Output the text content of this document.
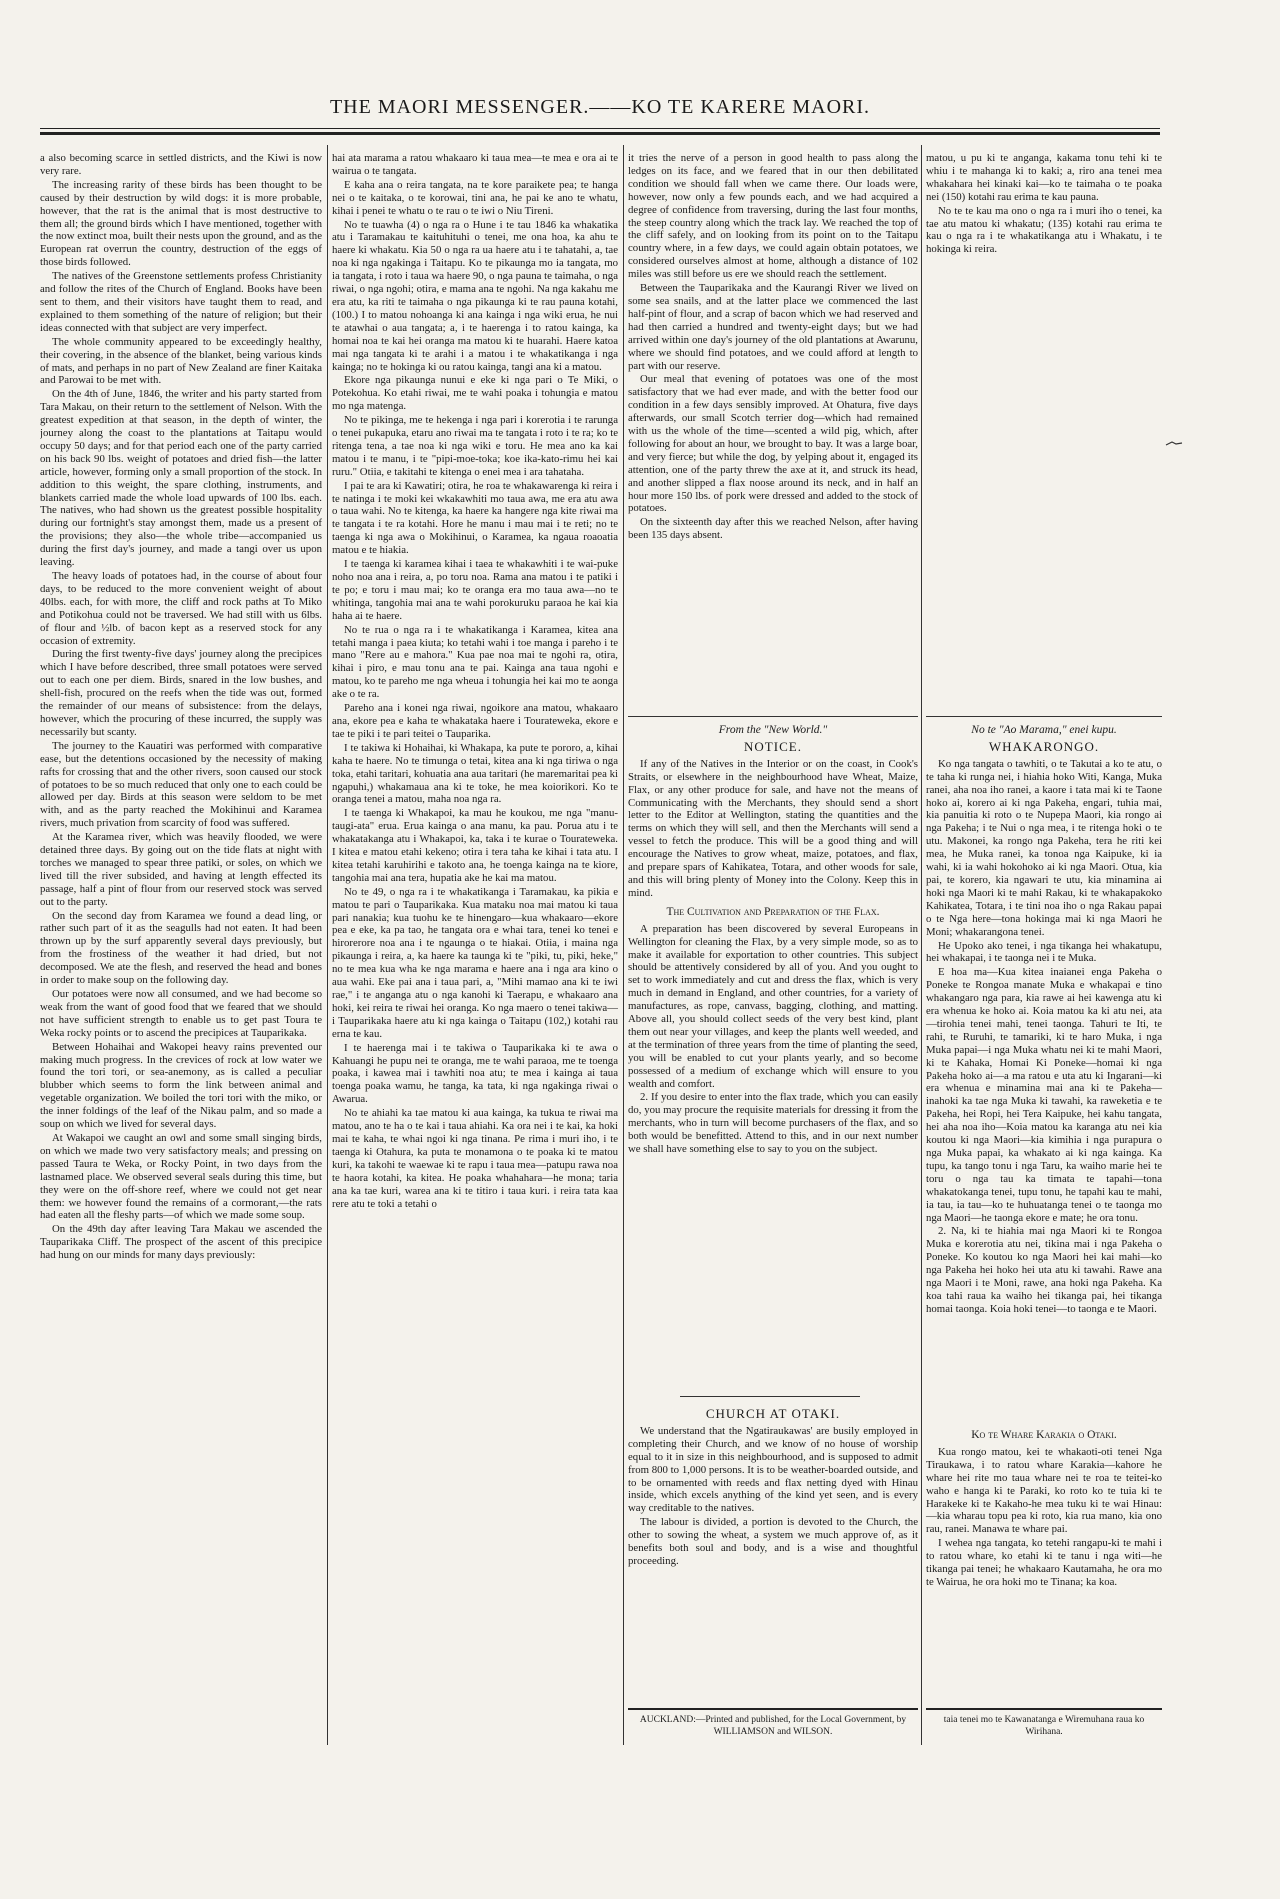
THE MAORI MESSENGER.——KO TE KARERE MAORI.

a also becoming scarce in settled districts, and the Kiwi is now very rare.

The increasing rarity of these birds has been thought to be caused by their destruction by wild dogs: it is more probable, however, that the rat is the animal that is most destructive to them all; the ground birds which I have mentioned, together with the now extinct moa, built their nests upon the ground, and as the European rat overrun the country, destruction of the eggs of those birds followed.

The natives of the Greenstone settlements profess Christianity and follow the rites of the Church of England. Books have been sent to them, and their visitors have taught them to read, and explained to them something of the nature of religion; but their ideas connected with that subject are very imperfect.

The whole community appeared to be exceedingly healthy, their covering, in the absence of the blanket, being various kinds of mats, and perhaps in no part of New Zealand are finer Kaitaka and Parowai to be met with.

On the 4th of June, 1846, the writer and his party started from Tara Makau, on their return to the settlement of Nelson. With the greatest expedition at that season, in the depth of winter, the journey along the coast to the plantations at Taitapu would occupy 50 days; and for that period each one of the party carried on his back 90 lbs. weight of potatoes and dried fish—the latter article, however, forming only a small proportion of the stock. In addition to this weight, the spare clothing, instruments, and blankets carried made the whole load upwards of 100 lbs. each. The natives, who had shown us the greatest possible hospitality during our fortnight's stay amongst them, made us a present of the provisions; they also—the whole tribe—accompanied us during the first day's journey, and made a tangi over us upon leaving.

The heavy loads of potatoes had, in the course of about four days, to be reduced to the more convenient weight of about 40lbs. each, for with more, the cliff and rock paths at To Miko and Potikohua could not be traversed. We had still with us 6lbs. of flour and ½lb. of bacon kept as a reserved stock for any occasion of extremity.

During the first twenty-five days' journey along the precipices which I have before described, three small potatoes were served out to each one per diem. Birds, snared in the low bushes, and shell-fish, procured on the reefs when the tide was out, formed the remainder of our means of subsistence: from the delays, however, which the procuring of these incurred, the supply was necessarily but scanty.

The journey to the Kauatiri was performed with comparative ease, but the detentions occasioned by the necessity of making rafts for crossing that and the other rivers, soon caused our stock of potatoes to be so much reduced that only one to each could be allowed per day. Birds at this season were seldom to be met with, and as the party reached the Mokihinui and Karamea rivers, much privation from scarcity of food was suffered.

At the Karamea river, which was heavily flooded, we were detained three days. By going out on the tide flats at night with torches we managed to spear three patiki, or soles, on which we lived till the river subsided, and having at length effected its passage, half a pint of flour from our reserved stock was served out to the party.

On the second day from Karamea we found a dead ling, or rather such part of it as the seagulls had not eaten. It had been thrown up by the surf apparently several days previously, but from the frostiness of the weather it had dried, but not decomposed. We ate the flesh, and reserved the head and bones in order to make soup on the following day.

Our potatoes were now all consumed, and we had become so weak from the want of good food that we feared that we should not have sufficient strength to enable us to get past Toura te Weka rocky points or to ascend the precipices at Tauparikaka.

Between Hohaihai and Wakopei heavy rains prevented our making much progress. In the crevices of rock at low water we found the tori tori, or sea-anemony, as is called a peculiar blubber which seems to form the link between animal and vegetable organization. We boiled the tori tori with the miko, or the inner foldings of the leaf of the Nikau palm, and so made a soup on which we lived for several days.

At Wakapoi we caught an owl and some small singing birds, on which we made two very satisfactory meals; and pressing on passed Taura te Weka, or Rocky Point, in two days from the lastnamed place. We observed several seals during this time, but they were on the off-shore reef, where we could not get near them: we however found the remains of a cormorant,—the rats had eaten all the fleshy parts—of which we made some soup.

On the 49th day after leaving Tara Makau we ascended the Tauparikaka Cliff. The prospect of the ascent of this precipice had hung on our minds for many days previously:

hai ata marama a ratou whakaaro ki taua mea—te mea e ora ai te wairua o te tangata.

E kaha ana o reira tangata, na te kore paraikete pea; te hanga nei o te kaitaka, o te korowai, tini ana, he pai ke ano te whatu, kihai i penei te whatu o te rau o te iwi o Niu Tireni.

No te tuawha (4) o nga ra o Hune i te tau 1846 ka whakatika atu i Taramakau te kaituhituhi o tenei, me ona hoa, ka ahu te haere ki whakatu. Kia 50 o nga ra ua haere atu i te tahatahi, a, tae noa ki nga ngakinga i Taitapu. Ko te pikaunga mo ia tangata, mo ia tangata, i roto i taua wa haere 90, o nga pauna te taimaha, o nga riwai, o nga ngohi; otira, e mama ana te ngohi. Na nga kakahu me era atu, ka riti te taimaha o nga pikaunga ki te rau pauna kotahi, (100.) I to matou nohoanga ki ana kainga i nga wiki erua, he nui te atawhai o aua tangata; a, i te haerenga i to ratou kainga, ka homai noa te kai hei oranga ma matou ki te huarahi. Haere katoa mai nga tangata ki te arahi i a matou i te whakatikanga i nga kainga; no te hokinga ki ou ratou kainga, tangi ana ki a matou.

Ekore nga pikaunga nunui e eke ki nga pari o Te Miki, o Potekohua. Ko etahi riwai, me te wahi poaka i tohungia e matou mo nga matenga.

No te pikinga, me te hekenga i nga pari i korerotia i te rarunga o tenei pukapuka, etaru ano riwai ma te tangata i roto i te ra; ko te ritenga tena, a tae noa ki nga wiki e toru. He mea ano ka kai matou i te manu, i te "pipi-moe-toka; koe ika-kato-rimu hei kai ruru." Otiia, e takitahi te kitenga o enei mea i ara tahataha.

I pai te ara ki Kawatiri; otira, he roa te whakawarenga ki reira i te natinga i te moki kei wkakawhiti mo taua awa, me era atu awa o taua wahi. No te kitenga, ka haere ka hangere nga kite riwai ma te tangata i te ra kotahi. Hore he manu i mau mai i te reti; no te taenga ki nga awa o Mokihinui, o Karamea, ka ngaua roaoatia matou e te hiakia.

I te taenga ki karamea kihai i taea te whakawhiti i te wai-puke noho noa ana i reira, a, po toru noa. Rama ana matou i te patiki i te po; e toru i mau mai; ko te oranga era mo taua awa—no te whitinga, tangohia mai ana te wahi porokuruku paraoa he kai kia haha ai te haere.

No te rua o nga ra i te whakatikanga i Karamea, kitea ana tetahi manga i paea kiuta; ko tetahi wahi i toe manga i pareho i te mano "Rere au e mahora." Kua pae noa mai te ngohi ra, otira, kihai i piro, e mau tonu ana te pai. Kainga ana taua ngohi e matou, ko te pareho me nga wheua i tohungia hei kai mo te aonga ake o te ra.

Pareho ana i konei nga riwai, ngoikore ana matou, whakaaro ana, ekore pea e kaha te whakataka haere i Tourateweka, ekore e tae te piki i te pari teitei o Tauparika.

I te takiwa ki Hohaihai, ki Whakapa, ka pute te pororo, a, kihai kaha te haere. No te timunga o tetai, kitea ana ki nga tiriwa o nga toka, etahi taritari, kohuatia ana aua taritari (he maremaritai pea ki ngapuhi,) whakamaua ana ki te toke, he mea koiorikori. Ko te oranga tenei a matou, maha noa nga ra.

I te taenga ki Whakapoi, ka mau he koukou, me nga "manu-taugi-ata" erua. Erua kainga o ana manu, ka pau. Porua atu i te whakatakanga atu i Whakapoi, ka, taka i te kurae o Tourateweka. I kitea e matou etahi kekeno; otira i tera taha ke kihai i tata atu. I kitea tetahi karuhirihi e takoto ana, he toenga kainga na te kiore, tangohia mai ana tera, hupatia ake he kai ma matou.

No te 49, o nga ra i te whakatikanga i Taramakau, ka pikia e matou te pari o Tauparikaka. Kua mataku noa mai matou ki taua pari nanakia; kua tuohu ke te hinengaro—kua whakaaro—ekore pea e eke, ka pa tao, he tangata ora e whai tara, tenei ko tenei e hirorerore noa ana i te ngaunga o te hiakai. Otiia, i maina nga pikaunga i reira, a, ka haere ka taunga ki te "piki, tu, piki, heke," no te mea kua wha ke nga marama e haere ana i nga ara kino o aua wahi. Eke pai ana i taua pari, a, "Mihi mamao ana ki te iwi rae," i te anganga atu o nga kanohi ki Taerapu, e whakaaro ana hoki, kei reira te riwai hei oranga. Ko nga maero o tenei takiwa—i Tauparikaka haere atu ki nga kainga o Taitapu (102,) kotahi rau erna te kau.

I te haerenga mai i te takiwa o Tauparikaka ki te awa o Kahuangi he pupu nei te oranga, me te wahi paraoa, me te toenga poaka, i kawea mai i tawhiti noa atu; te mea i kainga ai taua toenga poaka wamu, he tanga, ka tata, ki nga ngakinga riwai o Awarua.

No te ahiahi ka tae matou ki aua kainga, ka tukua te riwai ma matou, ano te ha o te kai i taua ahiahi. Ka ora nei i te kai, ka hoki mai te kaha, te whai ngoi ki nga tinana. Pe rima i muri iho, i te taenga ki Otahura, ka puta te monamona o te poaka ki te matou kuri, ka takohi te waewae ki te rapu i taua mea—patupu rawa noa te haora kotahi, ka kitea. He poaka whahahara—he mona; taria ana ka tae kuri, warea ana ki te titiro i taua kuri. i reira tata kaa rere atu te toki a tetahi o

it tries the nerve of a person in good health to pass along the ledges on its face, and we feared that in our then debilitated condition we should fall when we came there. Our loads were, however, now only a few pounds each, and we had acquired a degree of confidence from traversing, during the last four months, the steep country along which the track lay. We reached the top of the cliff safely, and on looking from its point on to the Taitapu country where, in a few days, we could again obtain potatoes, we considered ourselves almost at home, although a distance of 102 miles was still before us ere we should reach the settlement.

Between the Tauparikaka and the Kaurangi River we lived on some sea snails, and at the latter place we commenced the last half-pint of flour, and a scrap of bacon which we had reserved and had then carried a hundred and twenty-eight days; but we had arrived within one day's journey of the old plantations at Awarunu, where we should find potatoes, and we could afford at length to part with our reserve.

Our meal that evening of potatoes was one of the most satisfactory that we had ever made, and with the better food our condition in a few days sensibly improved. At Ohatura, five days afterwards, our small Scotch terrier dog—which had remained with us the whole of the time—scented a wild pig, which, after following for about an hour, we brought to bay. It was a large boar, and very fierce; but while the dog, by yelping about it, engaged its attention, one of the party threw the axe at it, and struck its head, and another slipped a flax noose around its neck, and in half an hour more 150 lbs. of pork were dressed and added to the stock of potatoes.

On the sixteenth day after this we reached Nelson, after having been 135 days absent.

matou, u pu ki te anganga, kakama tonu tehi ki te whiu i te mahanga ki to kaki; a, riro ana tenei mea whakahara hei kinaki kai—ko te taimaha o te poaka nei (150) kotahi rau erima te kau pauna.

No te te kau ma ono o nga ra i muri iho o tenei, ka tae atu matou ki whakatu; (135) kotahi rau erima te kau o nga ra i te whakatikanga atu i Whakatu, i te hokinga ki reira.

From the "New World."
NOTICE.

If any of the Natives in the Interior or on the coast, in Cook's Straits, or elsewhere in the neighbourhood have Wheat, Maize, Flax, or any other produce for sale, and have not the means of Communicating with the Merchants, they should send a short letter to the Editor at Wellington, stating the quantities and the terms on which they will sell, and then the Merchants will send a vessel to fetch the produce. This will be a good thing and will encourage the Natives to grow wheat, maize, potatoes, and flax, and prepare spars of Kahikatea, Totara, and other woods for sale, and this will bring plenty of Money into the Colony. Keep this in mind.

The Cultivation and Preparation of the Flax.

A preparation has been discovered by several Europeans in Wellington for cleaning the Flax, by a very simple mode, so as to make it available for exportation to other countries. This subject should be attentively considered by all of you. And you ought to set to work immediately and cut and dress the flax, which is very much in demand in England, and other countries, for a variety of manufactures, as rope, canvass, bagging, clothing, and matting. Above all, you should collect seeds of the very best kind, plant them out near your villages, and keep the plants well weeded, and at the termination of three years from the time of planting the seed, you will be enabled to cut your plants yearly, and so become possessed of a medium of exchange which will ensure to you wealth and comfort.

2. If you desire to enter into the flax trade, which you can easily do, you may procure the requisite materials for dressing it from the merchants, who in turn will become purchasers of the flax, and so both would be benefitted. Attend to this, and in our next number we shall have something else to say to you on the subject.

No te "Ao Marama," enei kupu.
WHAKARONGO.

Ko nga tangata o tawhiti, o te Takutai a ko te atu, o te taha ki runga nei, i hiahia hoko Witi, Kanga, Muka ranei, aha noa iho ranei, a kaore i tata mai ki te Taone hoko ai, korero ai ki nga Pakeha, engari, tuhia mai, kia panuitia ki roto o te Nupepa Maori, kia rongo ai nga Pakeha; i te Nui o nga mea, i te ritenga hoki o te utu. Makonei, ka rongo nga Pakeha, tera he riti kei mea, he Muka ranei, ka tonoa nga Kaipuke, ki ia wahi, ki ia wahi hokohoko ai ki nga Maori. Otua, kia pai, te korero, kia ngawari te utu, kia minamina ai hoki nga Maori ki te mahi Rakau, ki te whakapakoko Kahikatea, Totara, i te tini noa iho o nga Rakau papai o te Nga here—tona hokinga mai ki nga Maori he Moni; whakarangona tenei.

He Upoko ako tenei, i nga tikanga hei whakatupu, hei whakapai, i te taonga nei i te Muka.

E hoa ma—Kua kitea inaianei enga Pakeha o Poneke te Rongoa manate Muka e whakapai e tino whakangaro nga para, kia rawe ai hei kawenga atu ki era whenua ke hoko ai. Koia matou ka ki atu nei, ata—tirohia tenei mahi, tenei taonga. Tahuri te Iti, te rahi, te Ruruhi, te tamariki, ki te haro Muka, i nga Muka papai—i nga Muka whatu nei ki te mahi Maori, ki te Kahaka, Homai Ki Poneke—homai ki nga Pakeha hoko ai—a ma ratou e uta atu ki Ingarani—ki era whenua e minamina mai ana ki te Pakeha—inahoki ka tae nga Muka ki tawahi, ka raweketia e te Pakeha, hei Ropi, hei Tera Kaipuke, hei kahu tangata, hei aha noa iho—Koia matou ka karanga atu nei kia koutou ki nga Maori—kia kimihia i nga purapura o nga Muka papai, ka whakato ai ki nga kainga. Ka tupu, ka tango tonu i nga Taru, ka waiho marie hei te toru o nga tau ka timata te tapahi—tona whakatokanga tenei, tupu tonu, he tapahi kau te mahi, ia tau, ia tau—ko te huhuatanga tenei o te taonga mo nga Maori—he taonga ekore e mate; he ora tonu.

2. Na, ki te hiahia mai nga Maori ki te Rongoa Muka e korerotia atu nei, tikina mai i nga Pakeha o Poneke. Ko koutou ko nga Maori hei kai mahi—ko nga Pakeha hei hoko hei uta atu ki tawahi. Rawe ana nga Maori i te Moni, rawe, ana hoki nga Pakeha. Ka koa tahi raua ka waiho hei tikanga pai, hei tikanga homai taonga. Koia hoki tenei—to taonga e te Maori.

CHURCH AT OTAKI.

We understand that the Ngatiraukawas' are busily employed in completing their Church, and we know of no house of worship equal to it in size in this neighbourhood, and is supposed to admit from 800 to 1,000 persons. It is to be weather-boarded outside, and to be ornamented with reeds and flax netting dyed with Hinau inside, which excels anything of the kind yet seen, and is every way creditable to the natives.

The labour is divided, a portion is devoted to the Church, the other to sowing the wheat, a system we much approve of, as it benefits both soul and body, and is a wise and thoughtful proceeding.

Ko te Whare Karakia o Otaki.

Kua rongo matou, kei te whakaoti-oti tenei Nga Tiraukawa, i to ratou whare Karakia—kahore he whare hei rite mo taua whare nei te roa te teitei-ko waho e hanga ki te Paraki, ko roto ko te tuia ki te Harakeke ki te Kakaho-he mea tuku ki te wai Hinau:—kia wharau topu pea ki roto, kia rua mano, kia ono rau, ranei. Manawa te whare pai.

I wehea nga tangata, ko tetehi rangapu-ki te mahi i to ratou whare, ko etahi ki te tanu i nga witi—he tikanga pai tenei; he whakaaro Kautamaha, he ora mo te Wairua, he ora hoki mo te Tinana; ka koa.

AUCKLAND:—Printed and published, for the Local Government, by WILLIAMSON and WILSON.
taia tenei mo te Kawanatanga e Wiremuhana raua ko Wirihana.
